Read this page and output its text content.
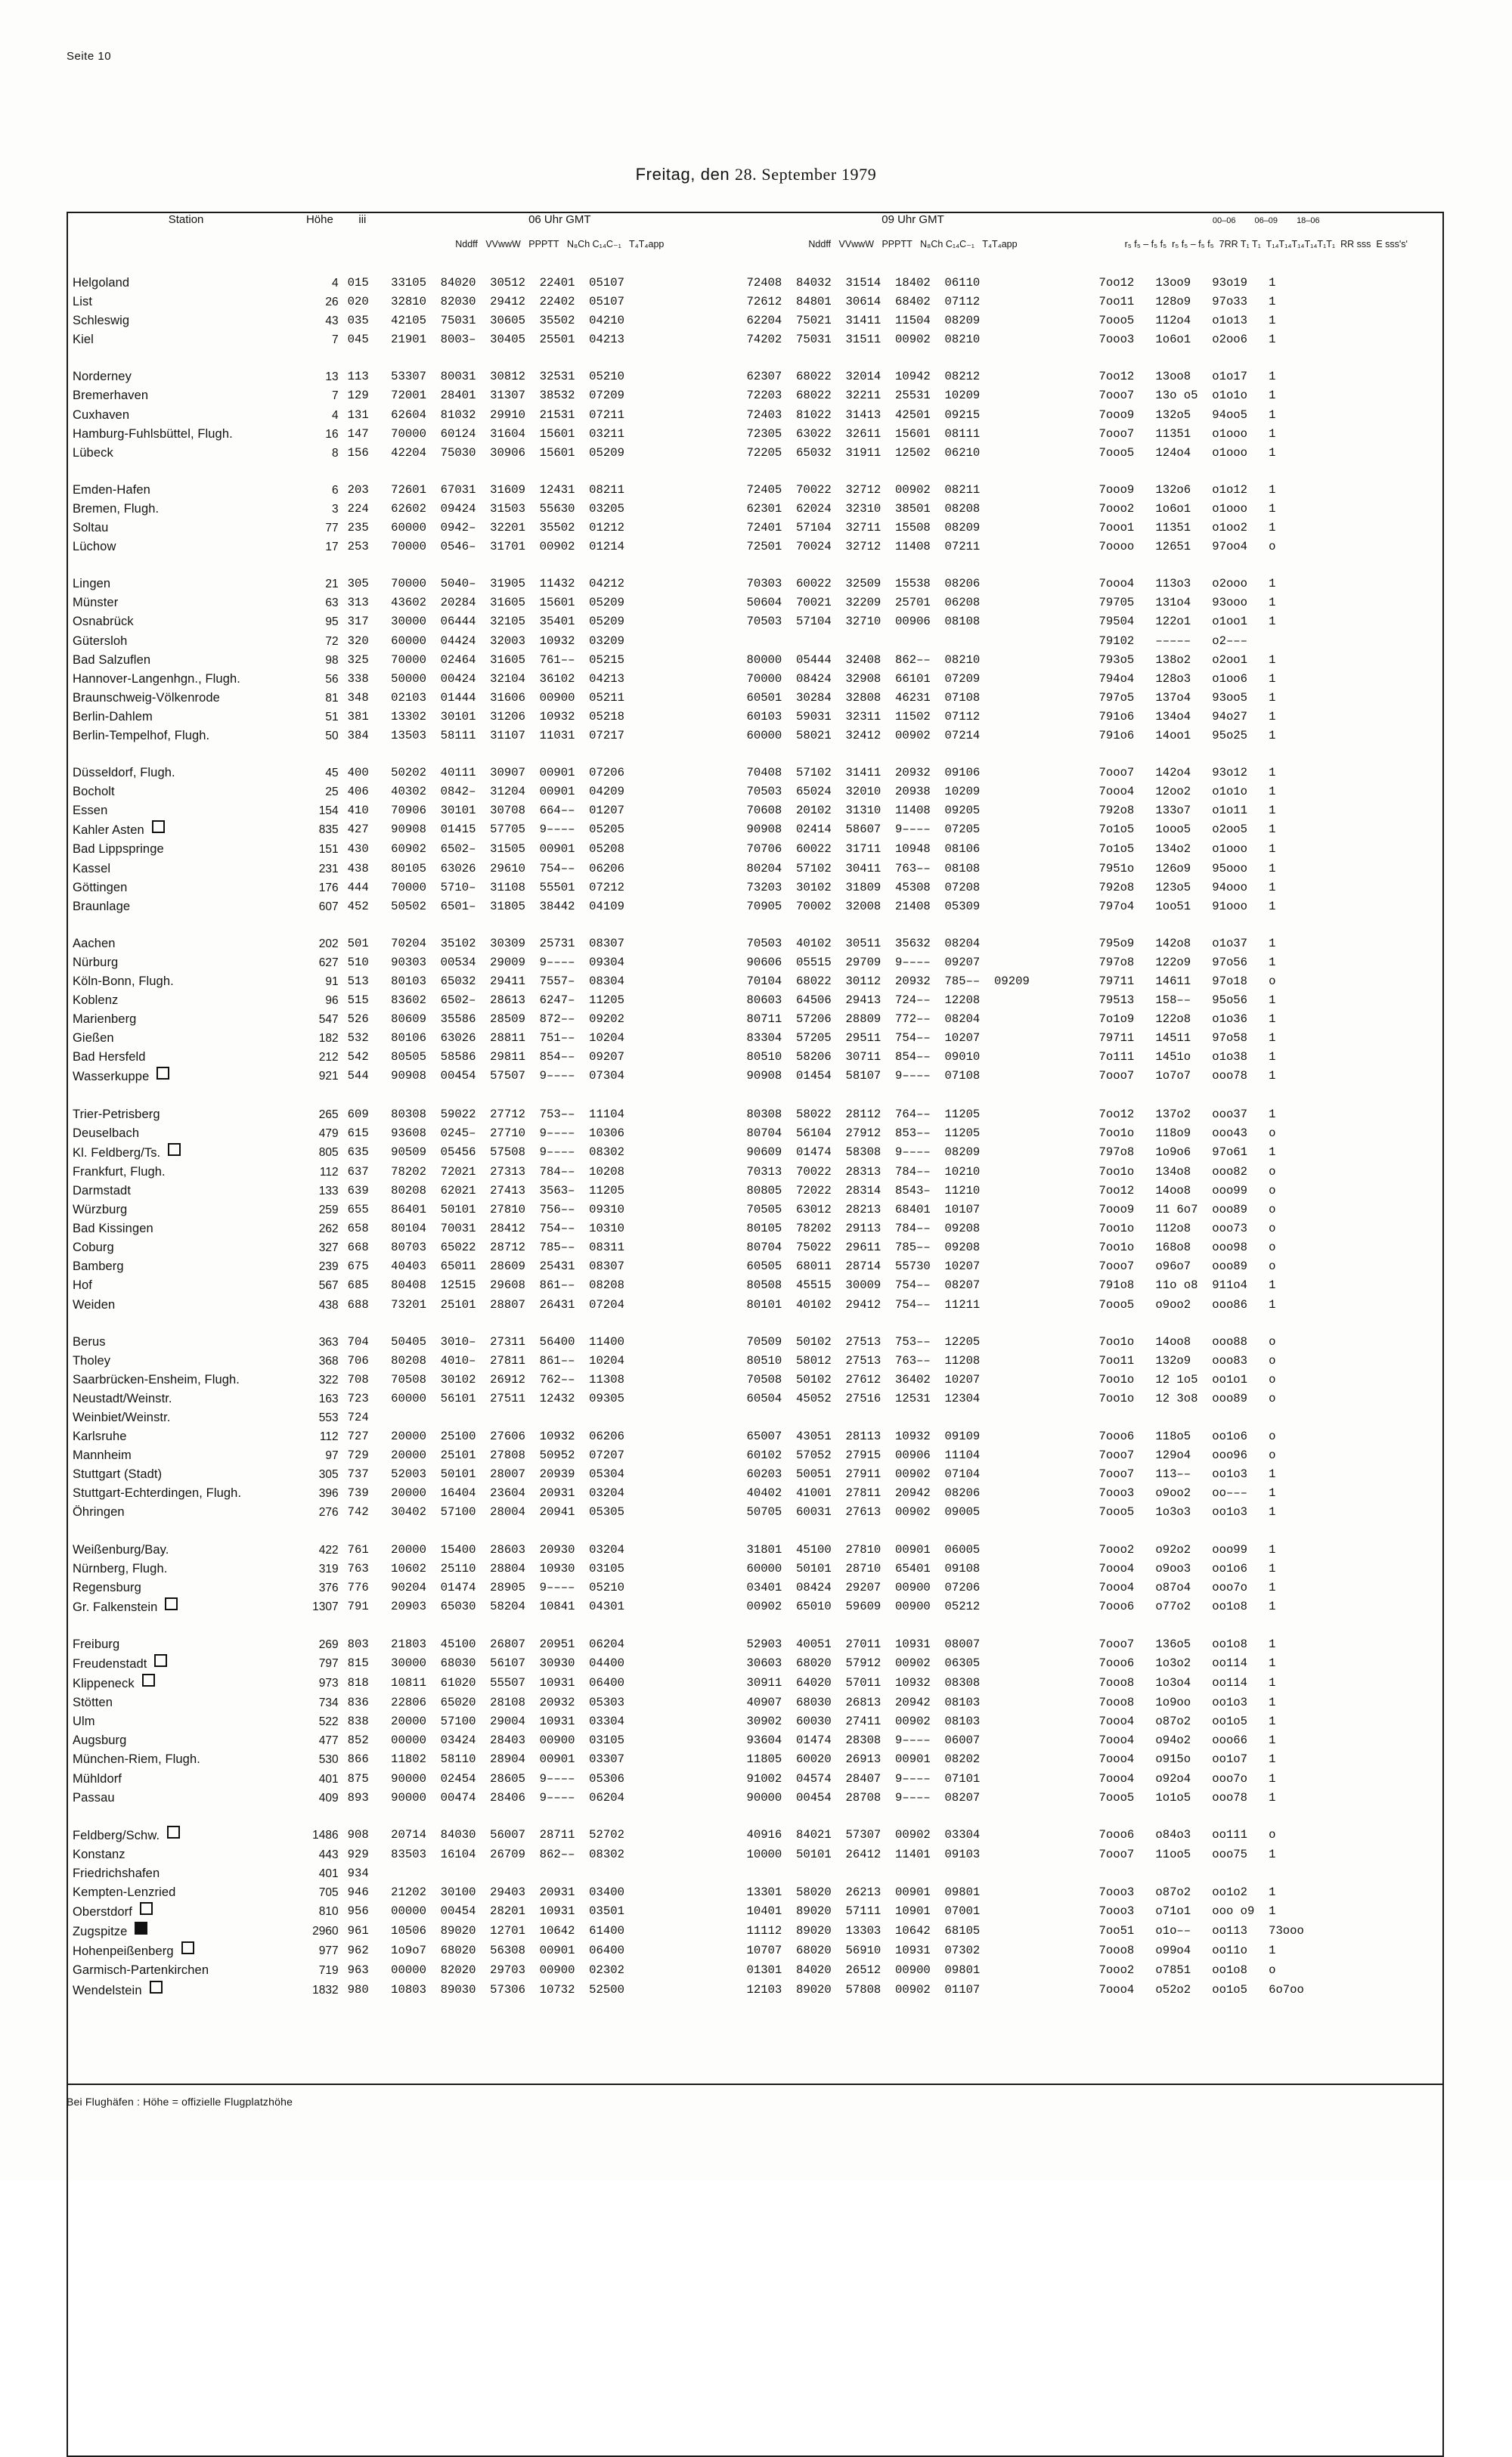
Seite 10
Freitag, den 28. September 1979
Station	Höhe	iii	06 Uhr GMT	09 Uhr GMT	00–06 06–09 18–06
			Nddff VVwwW PPPTT N₈Ch C₁₄C₋₁ T₄T₄app	Nddff VVwwW PPPTT N₈Ch C₁₄C₋₁ T₄T₄app	r₅ f₅ – f₅ f₅ r₅ f₅ – f₅ f₅ 7RR T₁ T₁ T₁₄T₁₄T₁₄T₁₄T₁T₁ RR sss E sss's'
Helgoland	4	015	33105  84020  30512  22401  05107	72408  84032  31514  18402  06110	7oo12   13oo9   93o19   1
List	26	020	32810  82030  29412  22402  05107	72612  84801  30614  68402  07112	7oo11   128o9   97o33   1
Schleswig	43	035	42105  75031  30605  35502  04210	62204  75021  31411  11504  08209	7ooo5   112o4   o1o13   1
Kiel	7	045	21901  8003–  30405  25501  04213	74202  75031  31511  00902  08210	7ooo3   1o6o1   o2oo6   1

Norderney	13	113	53307  80031  30812  32531  05210	62307  68022  32014  10942  08212	7oo12   13oo8   o1o17   1
Bremerhaven	7	129	72001  28401  31307  38532  07209	72203  68022  32211  25531  10209	7ooo7   13o o5  o1o1o   1
Cuxhaven	4	131	62604  81032  29910  21531  07211	72403  81022  31413  42501  09215	7ooo9   132o5   94oo5   1
Hamburg-Fuhlsbüttel, Flugh.	16	147	70000  60124  31604  15601  03211	72305  63022  32611  15601  08111	7ooo7   11351   o1ooo   1
Lübeck	8	156	42204  75030  30906  15601  05209	72205  65032  31911  12502  06210	7ooo5   124o4   o1ooo   1

Emden-Hafen	6	203	72601  67031  31609  12431  08211	72405  70022  32712  00902  08211	7ooo9   132o6   o1o12   1
Bremen, Flugh.	3	224	62602  09424  31503  55630  03205	62301  62024  32310  38501  08208	7ooo2   1o6o1   o1ooo   1
Soltau	77	235	60000  0942–  32201  35502  01212	72401  57104  32711  15508  08209	7ooo1   11351   o1oo2   1
Lüchow	17	253	70000  0546–  31701  00902  01214	72501  70024  32712  11408  07211	7oooo   12651   97oo4   o

Lingen	21	305	70000  5040–  31905  11432  04212	70303  60022  32509  15538  08206	7ooo4   113o3   o2ooo   1
Münster	63	313	43602  20284  31605  15601  05209	50604  70021  32209  25701  06208	79705   131o4   93ooo   1
Osnabrück	95	317	30000  06444  32105  35401  05209	70503  57104  32710  00906  08108	79504   122o1   o1oo1   1
Gütersloh	72	320	60000  04424  32003  10932  03209		79102   –––––   o2–––
Bad Salzuflen	98	325	70000  02464  31605  761––  05215	80000  05444  32408  862––  08210	793o5   138o2   o2oo1   1
Hannover-Langenhgn., Flugh.	56	338	50000  00424  32104  36102  04213	70000  08424  32908  66101  07209	794o4   128o3   o1oo6   1
Braunschweig-Völkenrode	81	348	02103  01444  31606  00900  05211	60501  30284  32808  46231  07108	797o5   137o4   93oo5   1
Berlin-Dahlem	51	381	13302  30101  31206  10932  05218	60103  59031  32311  11502  07112	791o6   134o4   94o27   1
Berlin-Tempelhof, Flugh.	50	384	13503  58111  31107  11031  07217	60000  58021  32412  00902  07214	791o6   14oo1   95o25   1

Düsseldorf, Flugh.	45	400	50202  40111  30907  00901  07206	70408  57102  31411  20932  09106	7ooo7   142o4   93o12   1
Bocholt	25	406	40302  0842–  31204  00901  04209	70503  65024  32010  20938  10209	7ooo4   12oo2   o1o1o   1
Essen	154	410	70906  30101  30708  664––  01207	70608  20102  31310  11408  09205	792o8   133o7   o1o11   1
Kahler Asten	835	427	90908  01415  57705  9––––  05205	90908  02414  58607  9––––  07205	7o1o5   1ooo5   o2oo5   1
Bad Lippspringe	151	430	60902  6502–  31505  00901  05208	70706  60022  31711  10948  08106	7o1o5   134o2   o1ooo   1
Kassel	231	438	80105  63026  29610  754––  06206	80204  57102  30411  763––  08108	7951o   126o9   95ooo   1
Göttingen	176	444	70000  5710–  31108  55501  07212	73203  30102  31809  45308  07208	792o8   123o5   94ooo   1
Braunlage	607	452	50502  6501–  31805  38442  04109	70905  70002  32008  21408  05309	797o4   1oo51   91ooo   1

Aachen	202	501	70204  35102  30309  25731  08307	70503  40102  30511  35632  08204	795o9   142o8   o1o37   1
Nürburg	627	510	90303  00534  29009  9––––  09304	90606  05515  29709  9––––  09207	797o8   122o9   97o56   1
Köln-Bonn, Flugh.	91	513	80103  65032  29411  7557–  08304	70104  68022  30112  20932  785––  09209	79711   14611   97o18   o
Koblenz	96	515	83602  6502–  28613  6247–  11205	80603  64506  29413  724––  12208	79513   158––   95o56   1
Marienberg	547	526	80609  35586  28509  872––  09202	80711  57206  28809  772––  08204	7o1o9   122o8   o1o36   1
Gießen	182	532	80106  63026  28811  751––  10204	83304  57205  29511  754––  10207	79711   14511   97o58   1
Bad Hersfeld	212	542	80505  58586  29811  854––  09207	80510  58206  30711  854––  09010	7o111   1451o   o1o38   1
Wasserkuppe	921	544	90908  00454  57507  9––––  07304	90908  01454  58107  9––––  07108	7ooo7   1o7o7   ooo78   1

Trier-Petrisberg	265	609	80308  59022  27712  753––  11104	80308  58022  28112  764––  11205	7oo12   137o2   ooo37   1
Deuselbach	479	615	93608  0245–  27710  9––––  10306	80704  56104  27912  853––  11205	7oo1o   118o9   ooo43   o
Kl. Feldberg/Ts.	805	635	90509  05456  57508  9––––  08302	90609  01474  58308  9––––  08209	797o8   1o9o6   97o61   1
Frankfurt, Flugh.	112	637	78202  72021  27313  784––  10208	70313  70022  28313  784––  10210	7oo1o   134o8   ooo82   o
Darmstadt	133	639	80208  62021  27413  3563–  11205	80805  72022  28314  8543–  11210	7oo12   14oo8   ooo99   o
Würzburg	259	655	86401  50101  27810  756––  09310	70505  63012  28213  68401  10107	7ooo9   11 6o7  ooo89   o
Bad Kissingen	262	658	80104  70031  28412  754––  10310	80105  78202  29113  784––  09208	7oo1o   112o8   ooo73   o
Coburg	327	668	80703  65022  28712  785––  08311	80704  75022  29611  785––  09208	7oo1o   168o8   ooo98   o
Bamberg	239	675	40403  65011  28609  25431  08307	60505  68011  28714  55730  10207	7ooo7   o96o7   ooo89   o
Hof	567	685	80408  12515  29608  861––  08208	80508  45515  30009  754––  08207	791o8   11o o8  911o4   1
Weiden	438	688	73201  25101  28807  26431  07204	80101  40102  29412  754––  11211	7ooo5   o9oo2   ooo86   1

Berus	363	704	50405  3010–  27311  56400  11400	70509  50102  27513  753––  12205	7oo1o   14oo8   ooo88   o
Tholey	368	706	80208  4010–  27811  861––  10204	80510  58012  27513  763––  11208	7oo11   132o9   ooo83   o
Saarbrücken-Ensheim, Flugh.	322	708	70508  30102  26912  762––  11308	70508  50102  27612  36402  10207	7oo1o   12 1o5  oo1o1   o
Neustadt/Weinstr.	163	723	60000  56101  27511  12432  09305	60504  45052  27516  12531  12304	7oo1o   12 3o8  ooo89   o
Weinbiet/Weinstr.	553	724			
Karlsruhe	112	727	20000  25100  27606  10932  06206	65007  43051  28113  10932  09109	7ooo6   118o5   oo1o6   o
Mannheim	97	729	20000  25101  27808  50952  07207	60102  57052  27915  00906  11104	7ooo7   129o4   ooo96   o
Stuttgart (Stadt)	305	737	52003  50101  28007  20939  05304	60203  50051  27911  00902  07104	7ooo7   113––   oo1o3   1
Stuttgart-Echterdingen, Flugh.	396	739	20000  16404  23604  20931  03204	40402  41001  27811  20942  08206	7ooo3   o9oo2   oo–––   1
Öhringen	276	742	30402  57100  28004  20941  05305	50705  60031  27613  00902  09005	7ooo5   1o3o3   oo1o3   1

Weißenburg/Bay.	422	761	20000  15400  28603  20930  03204	31801  45100  27810  00901  06005	7ooo2   o92o2   ooo99   1
Nürnberg, Flugh.	319	763	10602  25110  28804  10930  03105	60000  50101  28710  65401  09108	7ooo4   o9oo3   oo1o6   1
Regensburg	376	776	90204  01474  28905  9––––  05210	03401  08424  29207  00900  07206	7ooo4   o87o4   ooo7o   1
Gr. Falkenstein	1307	791	20903  65030  58204  10841  04301	00902  65010  59609  00900  05212	7ooo6   o77o2   oo1o8   1

Freiburg	269	803	21803  45100  26807  20951  06204	52903  40051  27011  10931  08007	7ooo7   136o5   oo1o8   1
Freudenstadt	797	815	30000  68030  56107  30930  04400	30603  68020  57912  00902  06305	7ooo6   1o3o2   oo114   1
Klippeneck	973	818	10811  61020  55507  10931  06400	30911  64020  57011  10932  08308	7ooo8   1o3o4   oo114   1
Stötten	734	836	22806  65020  28108  20932  05303	40907  68030  26813  20942  08103	7ooo8   1o9oo   oo1o3   1
Ulm	522	838	20000  57100  29004  10931  03304	30902  60030  27411  00902  08103	7ooo4   o87o2   oo1o5   1
Augsburg	477	852	00000  03424  28403  00900  03105	93604  01474  28308  9––––  06007	7ooo4   o94o2   ooo66   1
München-Riem, Flugh.	530	866	11802  58110  28904  00901  03307	11805  60020  26913  00901  08202	7ooo4   o915o   oo1o7   1
Mühldorf	401	875	90000  02454  28605  9––––  05306	91002  04574  28407  9––––  07101	7ooo4   o92o4   ooo7o   1
Passau	409	893	90000  00474  28406  9––––  06204	90000  00454  28708  9––––  08207	7ooo5   1o1o5   ooo78   1

Feldberg/Schw.	1486	908	20714  84030  56007  28711  52702	40916  84021  57307  00902  03304	7ooo6   o84o3   oo111   o
Konstanz	443	929	83503  16104  26709  862––  08302	10000  50101  26412  11401  09103	7ooo7   11oo5   ooo75   1
Friedrichshafen	401	934			
Kempten-Lenzried	705	946	21202  30100  29403  20931  03400	13301  58020  26213  00901  09801	7ooo3   o87o2   oo1o2   1
Oberstdorf	810	956	00000  00454  28201  10931  03501	10401  89020  57111  10901  07001	7ooo3   o71o1   ooo o9  1
Zugspitze	2960	961	10506  89020  12701  10642  61400	11112  89020  13303  10642  68105	7oo51   o1o––   oo113   73ooo
Hohenpeißenberg	977	962	1o9o7  68020  56308  00901  06400	10707  68020  56910  10931  07302	7ooo8   o99o4   oo11o   1
Garmisch-Partenkirchen	719	963	00000  82020  29703  00900  02302	01301  84020  26512  00900  09801	7ooo2   o7851   oo1o8   o
Wendelstein	1832	980	10803  89030  57306  10732  52500	12103  89020  57808  00902  01107	7ooo4   o52o2   oo1o5   6o7oo

Bei Flughäfen : Höhe = offizielle Flugplatzhöhe
